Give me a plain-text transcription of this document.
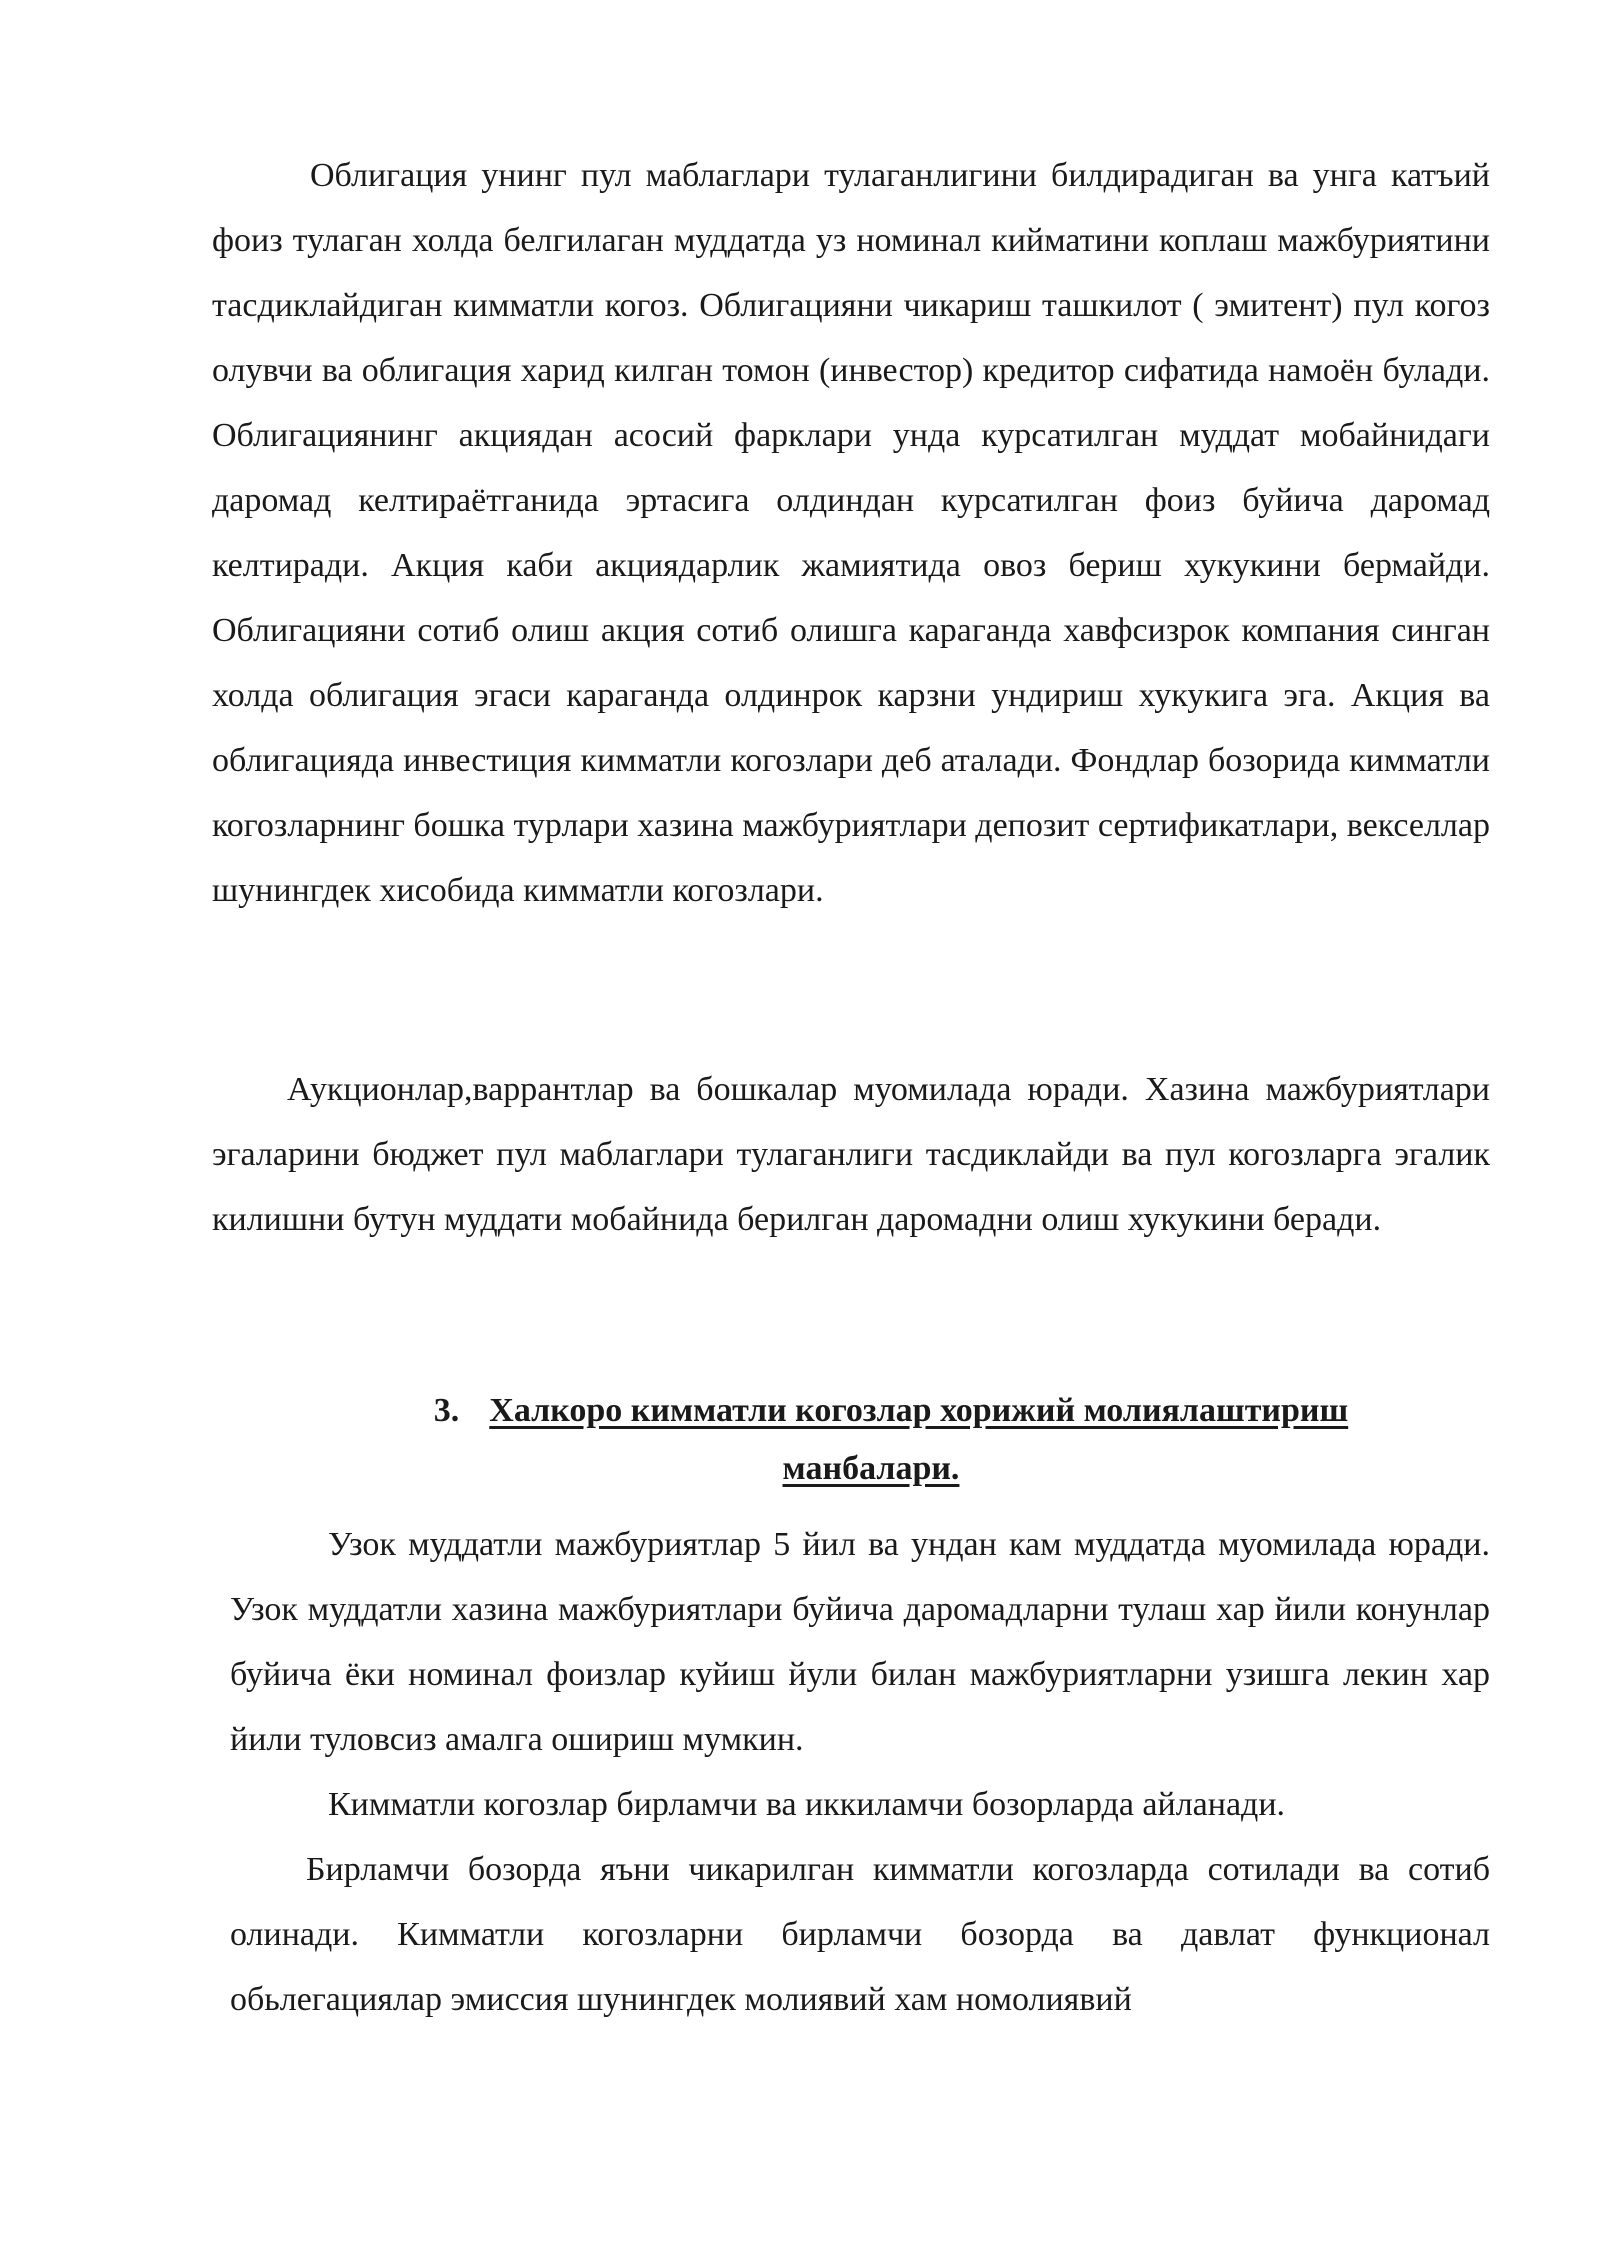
Облигация унинг пул маблаглари тулаганлигини билдирадиган ва унга катъий фоиз тулаган холда белгилаган муддатда уз номинал кийматини коплаш мажбуриятини тасдиклайдиган кимматли когоз. Облигацияни чикариш ташкилот ( эмитент) пул когоз олувчи ва облигация харид килган томон (инвестор) кредитор сифатида намоён булади. Облигациянинг акциядан асосий фарклари унда курсатилган муддат мобайнидаги даромад келтираётганида эртасига олдиндан курсатилган фоиз буйича даромад келтиради. Акция каби акциядарлик жамиятида овоз бериш хукукини бермайди. Облигацияни сотиб олиш акция сотиб олишга караганда хавфсизрок компания синган холда облигация эгаси караганда олдинрок карзни ундириш хукукига эга. Акция ва облигацияда инвестиция кимматли когозлари деб аталади. Фондлар бозорида кимматли когозларнинг бошка турлари хазина мажбуриятлари депозит сертификатлари, векселлар шунингдек хисобида кимматли когозлари.

Аукционлар,варрантлар ва бошкалар муомилада юради. Хазина мажбуриятлари эгаларини бюджет пул маблаглари тулаганлиги тасдиклайди ва пул когозларга эгалик килишни бутун муддати мобайнида берилган даромадни олиш хукукини беради.

3. Халкоро кимматли когозлар хорижий молиялаштириш
манбалари.

Узок муддатли мажбуриятлар 5 йил ва ундан кам муддатда муомилада юради. Узок муддатли хазина мажбуриятлари буйича даромадларни тулаш хар йили конунлар буйича ёки номинал фоизлар куйиш йули билан мажбуриятларни узишга лекин хар йили туловсиз амалга ошириш мумкин.

Кимматли когозлар бирламчи ва иккиламчи бозорларда айланади.

Бирламчи бозорда яъни чикарилган кимматли когозларда сотилади ва сотиб олинади. Кимматли когозларни бирламчи бозорда ва давлат функционал обьлегациялар эмиссия шунингдек молиявий хам номолиявий
